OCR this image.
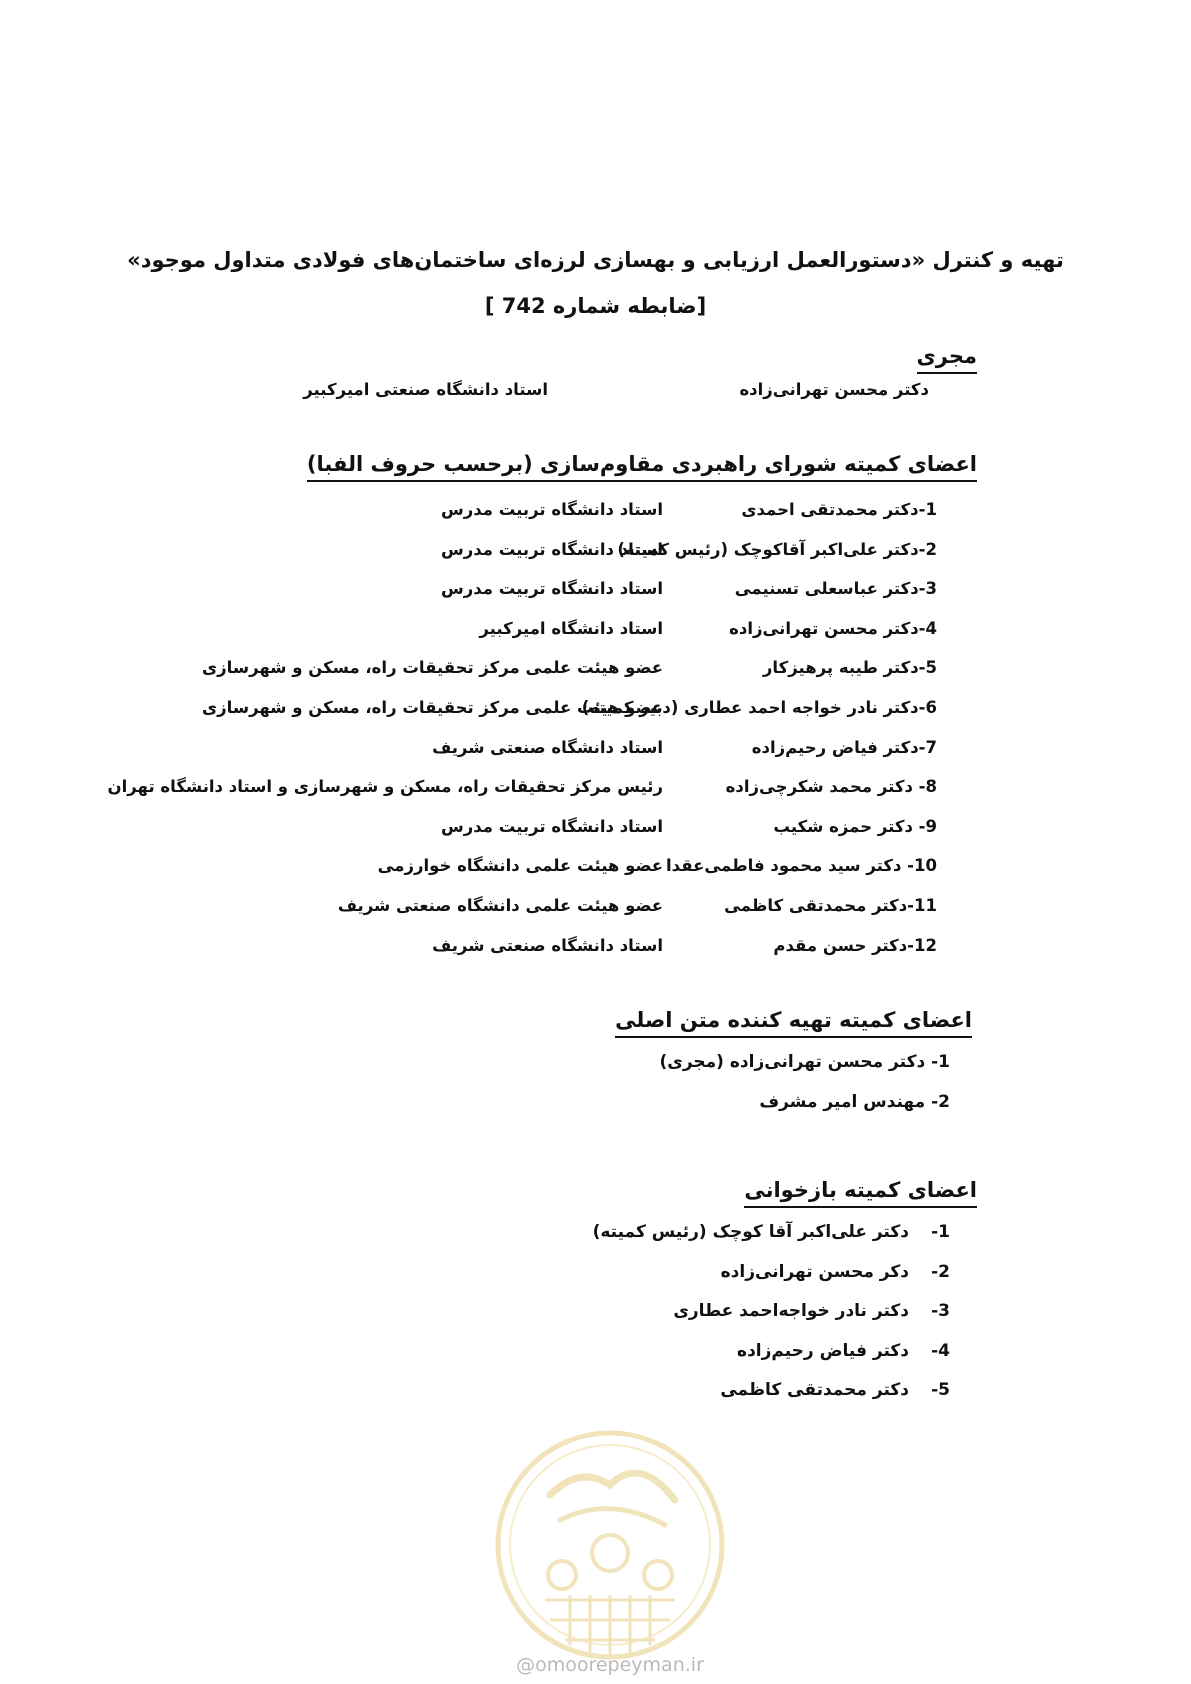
تهیه و کنترل «دستورالعمل ارزیابی و بهسازی لرزه‌ای ساختمان‌های فولادی متداول موجود»
[ضابطه شماره 742 ]
مجری
دکتر محسن تهرانی‌زاده
استاد دانشگاه صنعتی امیرکبیر
اعضای کمیته شورای راهبردی مقاوم‌سازی (برحسب حروف الفبا)
1-دکتر محمدتقی احمدی
استاد دانشگاه تربیت مدرس
2-دکتر علی‌اکبر آقاکوچک (رئیس کمیته)
استاد دانشگاه تربیت مدرس
3-دکتر عباسعلی تسنیمی
استاد دانشگاه تربیت مدرس
4-دکتر محسن تهرانی‌زاده
استاد دانشگاه امیرکبیر
5-دکتر طیبه پرهیزکار
عضو هیئت علمی مرکز تحقیقات راه، مسکن و شهرسازی
6-دکتر نادر خواجه احمد عطاری (دبیر کمیته)
عضو هیئت علمی مرکز تحقیقات راه، مسکن و شهرسازی
7-دکتر فیاض رحیم‌زاده
استاد دانشگاه صنعتی شریف
8- دکتر محمد شکرچی‌زاده
رئیس مرکز تحقیقات راه، مسکن و شهرسازی و استاد دانشگاه تهران
9- دکتر حمزه شکیب
استاد دانشگاه تربیت مدرس
10- دکتر سید محمود فاطمی‌عقدا
عضو هیئت علمی دانشگاه خوارزمی
11-دکتر محمدتقی کاظمی
عضو هیئت علمی دانشگاه صنعتی شریف
12-دکتر حسن مقدم
استاد دانشگاه صنعتی شریف
اعضای کمیته تهیه کننده متن اصلی
1- دکتر محسن تهرانی‌زاده (مجری)
2- مهندس امیر مشرف
اعضای کمیته بازخوانی
1-
دکتر علی‌اکبر آقا کوچک (رئیس کمیته)
2-
دکر محسن تهرانی‌زاده
3-
دکتر نادر خواجه‌احمد عطاری
4-
دکتر فیاض رحیم‌زاده
5-
دکتر محمدتقی کاظمی
@omoorepeyman.ir
